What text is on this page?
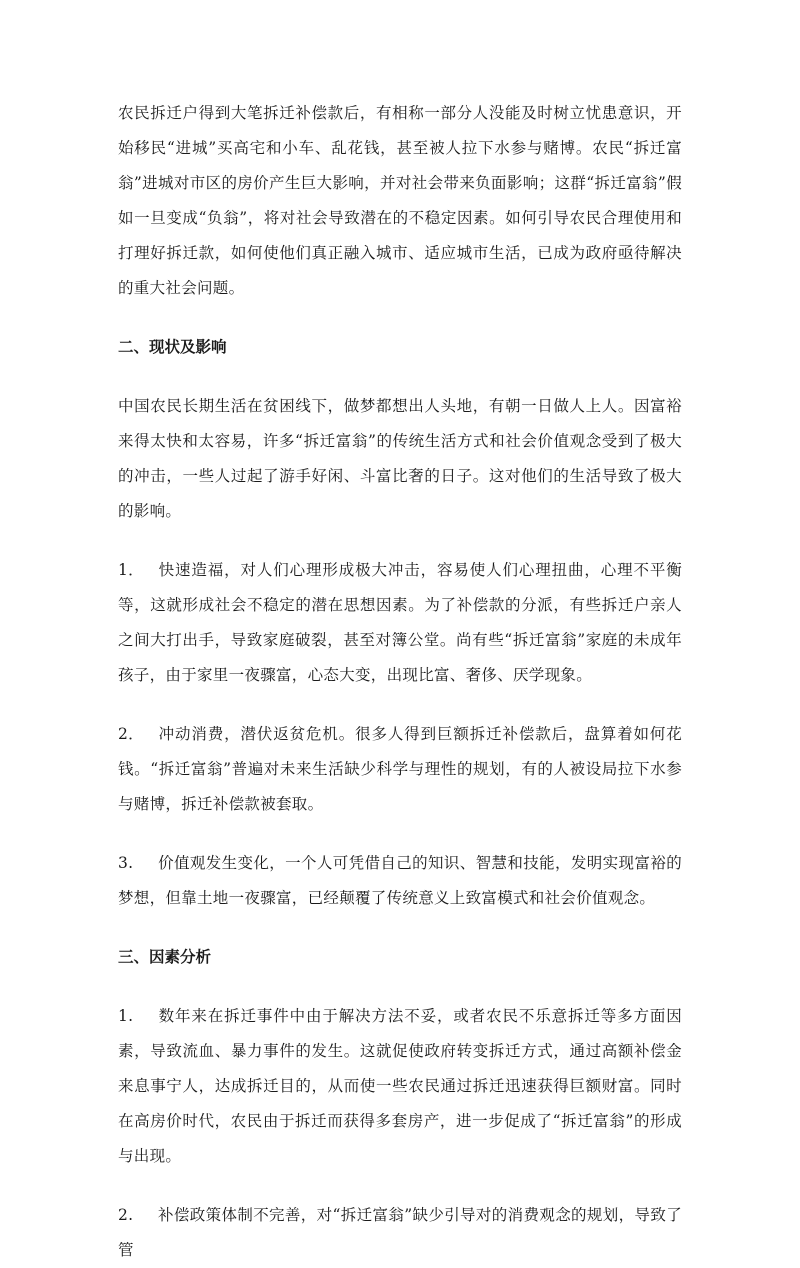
农民拆迁户得到大笔拆迁补偿款后，有相称一部分人没能及时树立忧患意识，开始移民“进城”买高宅和小车、乱花钱，甚至被人拉下水参与赌博。农民“拆迁富翁”进城对市区的房价产生巨大影响，并对社会带来负面影响；这群“拆迁富翁”假如一旦变成“负翁”，将对社会导致潜在的不稳定因素。如何引导农民合理使用和打理好拆迁款，如何使他们真正融入城市、适应城市生活，已成为政府亟待解决的重大社会问题。

二、现状及影响

中国农民长期生活在贫困线下，做梦都想出人头地，有朝一日做人上人。因富裕来得太快和太容易，许多“拆迁富翁”的传统生活方式和社会价值观念受到了极大的冲击，一些人过起了游手好闲、斗富比奢的日子。这对他们的生活导致了极大的影响。

1． 快速造福，对人们心理形成极大冲击，容易使人们心理扭曲，心理不平衡等，这就形成社会不稳定的潜在思想因素。为了补偿款的分派，有些拆迁户亲人之间大打出手，导致家庭破裂，甚至对簿公堂。尚有些“拆迁富翁”家庭的未成年孩子，由于家里一夜骤富，心态大变，出现比富、奢侈、厌学现象。

2． 冲动消费，潜伏返贫危机。很多人得到巨额拆迁补偿款后，盘算着如何花钱。“拆迁富翁”普遍对未来生活缺少科学与理性的规划，有的人被设局拉下水参与赌博，拆迁补偿款被套取。

3. 价值观发生变化，一个人可凭借自己的知识、智慧和技能，发明实现富裕的梦想，但靠土地一夜骤富，已经颠覆了传统意义上致富模式和社会价值观念。

三、因素分析

1. 数年来在拆迁事件中由于解决方法不妥，或者农民不乐意拆迁等多方面因素，导致流血、暴力事件的发生。这就促使政府转变拆迁方式，通过高额补偿金来息事宁人，达成拆迁目的，从而使一些农民通过拆迁迅速获得巨额财富。同时在高房价时代，农民由于拆迁而获得多套房产，进一步促成了“拆迁富翁”的形成与出现。

2. 补偿政策体制不完善，对“拆迁富翁”缺少引导对的消费观念的规划，导致了管
